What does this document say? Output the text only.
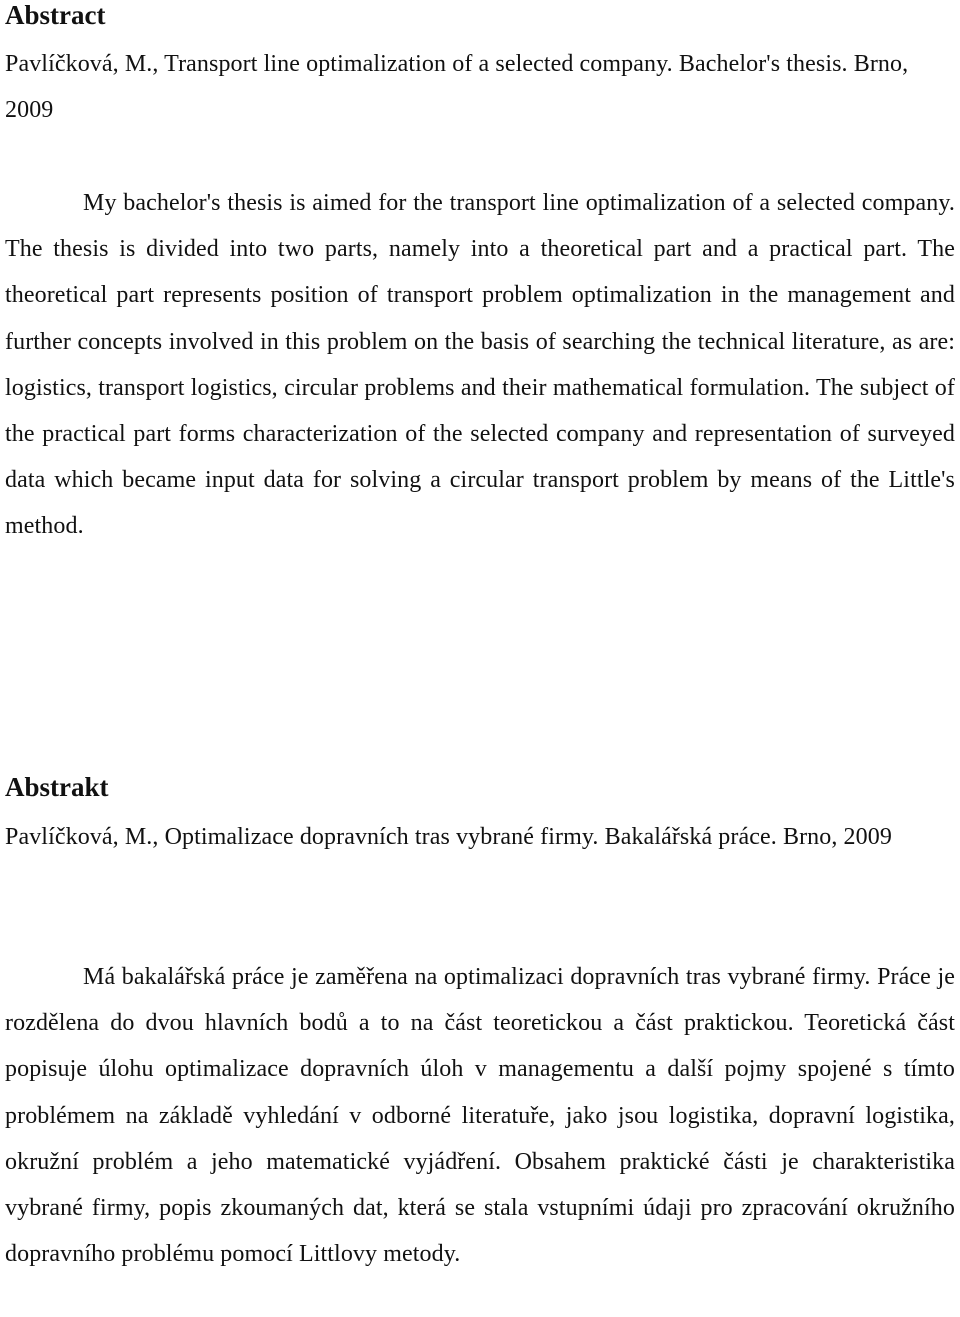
Abstract

Pavlíčková, M., Transport line optimalization of a selected company. Bachelor's thesis. Brno, 2009

My bachelor's thesis is aimed for the transport line optimalization of a selected company. The thesis is divided into two parts, namely into a theoretical part and a practical part. The theoretical part represents position of transport problem optimalization in the management and further concepts involved in this problem on the basis of searching the technical literature, as are: logistics, transport logistics, circular problems and their mathematical formulation. The subject of the practical part forms characterization of the selected company and representation of surveyed data which became input data for solving a circular transport problem by means of the Little's method.

Abstrakt

Pavlíčková, M., Optimalizace dopravních tras vybrané firmy. Bakalářská práce. Brno, 2009

Má bakalářská práce je zaměřena na optimalizaci dopravních tras vybrané firmy. Práce je rozdělena do dvou hlavních bodů a to na část teoretickou a část praktickou. Teoretická část popisuje úlohu optimalizace dopravních úloh v managementu a další pojmy spojené s tímto problémem na základě vyhledání v odborné literatuře, jako jsou logistika, dopravní logistika, okružní problém a jeho matematické vyjádření. Obsahem praktické části je charakteristika vybrané firmy, popis zkoumaných dat, která se stala vstupními údaji pro zpracování okružního dopravního problému pomocí Littlovy metody.
